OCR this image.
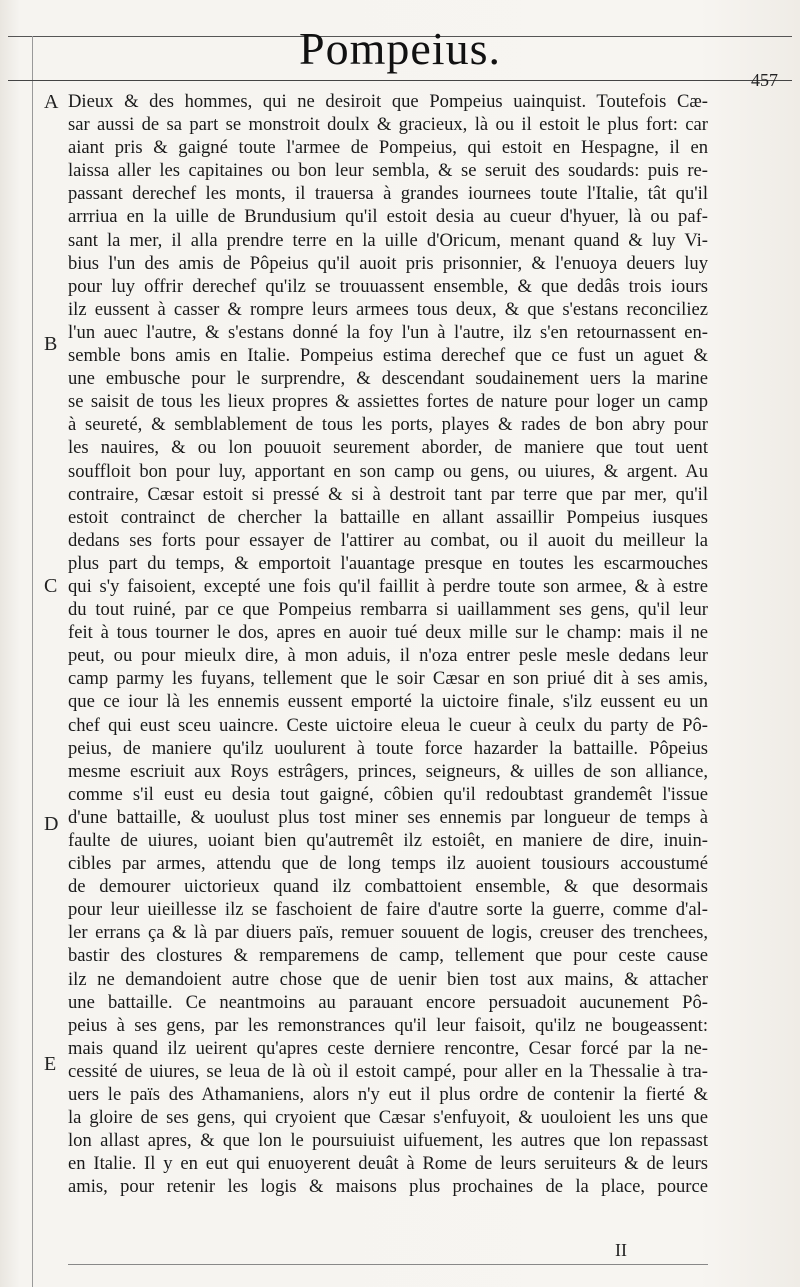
Pompeius.
457
A
B
C
D
E
Dieux & des hommes, qui ne desiroit que Pompeius uainquist. Toutefois Cæ-
sar aussi de sa part se monstroit doulx & gracieux, là ou il estoit le plus fort: car
aiant pris & gaigné toute l'armee de Pompeius, qui estoit en Hespagne, il en
laissa aller les capitaines ou bon leur sembla, & se seruit des soudards: puis re-
passant derechef les monts, il trauersa à grandes iournees toute l'Italie, tât qu'il
arrriua en la uille de Brundusium qu'il estoit desia au cueur d'hyuer, là ou paf-
sant la mer, il alla prendre terre en la uille d'Oricum, menant quand & luy Vi-
bius l'un des amis de Pôpeius qu'il auoit pris prisonnier, & l'enuoya deuers luy
pour luy offrir derechef qu'ilz se trouuassent ensemble, & que dedâs trois iours
ilz eussent à casser & rompre leurs armees tous deux, & que s'estans reconciliez
l'un auec l'autre, & s'estans donné la foy l'un à l'autre, ilz s'en retournassent en-
semble bons amis en Italie. Pompeius estima derechef que ce fust un aguet &
une embusche pour le surprendre, & descendant soudainement uers la marine
se saisit de tous les lieux propres & assiettes fortes de nature pour loger un camp
à seureté, & semblablement de tous les ports, playes & rades de bon abry pour
les nauires, & ou lon pouuoit seurement aborder, de maniere que tout uent
souffloit bon pour luy, apportant en son camp ou gens, ou uiures, & argent. Au
contraire, Cæsar estoit si pressé & si à destroit tant par terre que par mer, qu'il
estoit contrainct de chercher la battaille en allant assaillir Pompeius iusques
dedans ses forts pour essayer de l'attirer au combat, ou il auoit du meilleur la
plus part du temps, & emportoit l'auantage presque en toutes les escarmouches
qui s'y faisoient, excepté une fois qu'il faillit à perdre toute son armee, & à estre
du tout ruiné, par ce que Pompeius rembarra si uaillamment ses gens, qu'il leur
feit à tous tourner le dos, apres en auoir tué deux mille sur le champ: mais il ne
peut, ou pour mieulx dire, à mon aduis, il n'oza entrer pesle mesle dedans leur
camp parmy les fuyans, tellement que le soir Cæsar en son priué dit à ses amis,
que ce iour là les ennemis eussent emporté la uictoire finale, s'ilz eussent eu un
chef qui eust sceu uaincre. Ceste uictoire eleua le cueur à ceulx du party de Pô-
peius, de maniere qu'ilz uoulurent à toute force hazarder la battaille. Pôpeius
mesme escriuit aux Roys estrâgers, princes, seigneurs, & uilles de son alliance,
comme s'il eust eu desia tout gaigné, côbien qu'il redoubtast grandemêt l'issue
d'une battaille, & uoulust plus tost miner ses ennemis par longueur de temps à
faulte de uiures, uoiant bien qu'autremêt ilz estoiêt, en maniere de dire, inuin-
cibles par armes, attendu que de long temps ilz auoient tousiours accoustumé
de demourer uictorieux quand ilz combattoient ensemble, & que desormais
pour leur uieillesse ilz se faschoient de faire d'autre sorte la guerre, comme d'al-
ler errans ça & là par diuers païs, remuer souuent de logis, creuser des trenchees,
bastir des clostures & remparemens de camp, tellement que pour ceste cause
ilz ne demandoient autre chose que de uenir bien tost aux mains, & attacher
une battaille. Ce neantmoins au parauant encore persuadoit aucunement Pô-
peius à ses gens, par les remonstrances qu'il leur faisoit, qu'ilz ne bougeassent:
mais quand ilz ueirent qu'apres ceste derniere rencontre, Cesar forcé par la ne-
cessité de uiures, se leua de là où il estoit campé, pour aller en la Thessalie à tra-
uers le païs des Athamaniens, alors n'y eut il plus ordre de contenir la fierté &
la gloire de ses gens, qui cryoient que Cæsar s'enfuyoit, & uouloient les uns que
lon allast apres, & que lon le poursuiuist uifuement, les autres que lon repassast
en Italie. Il y en eut qui enuoyerent deuât à Rome de leurs seruiteurs & de leurs
amis, pour retenir les logis & maisons plus prochaines de la place, pource
II
